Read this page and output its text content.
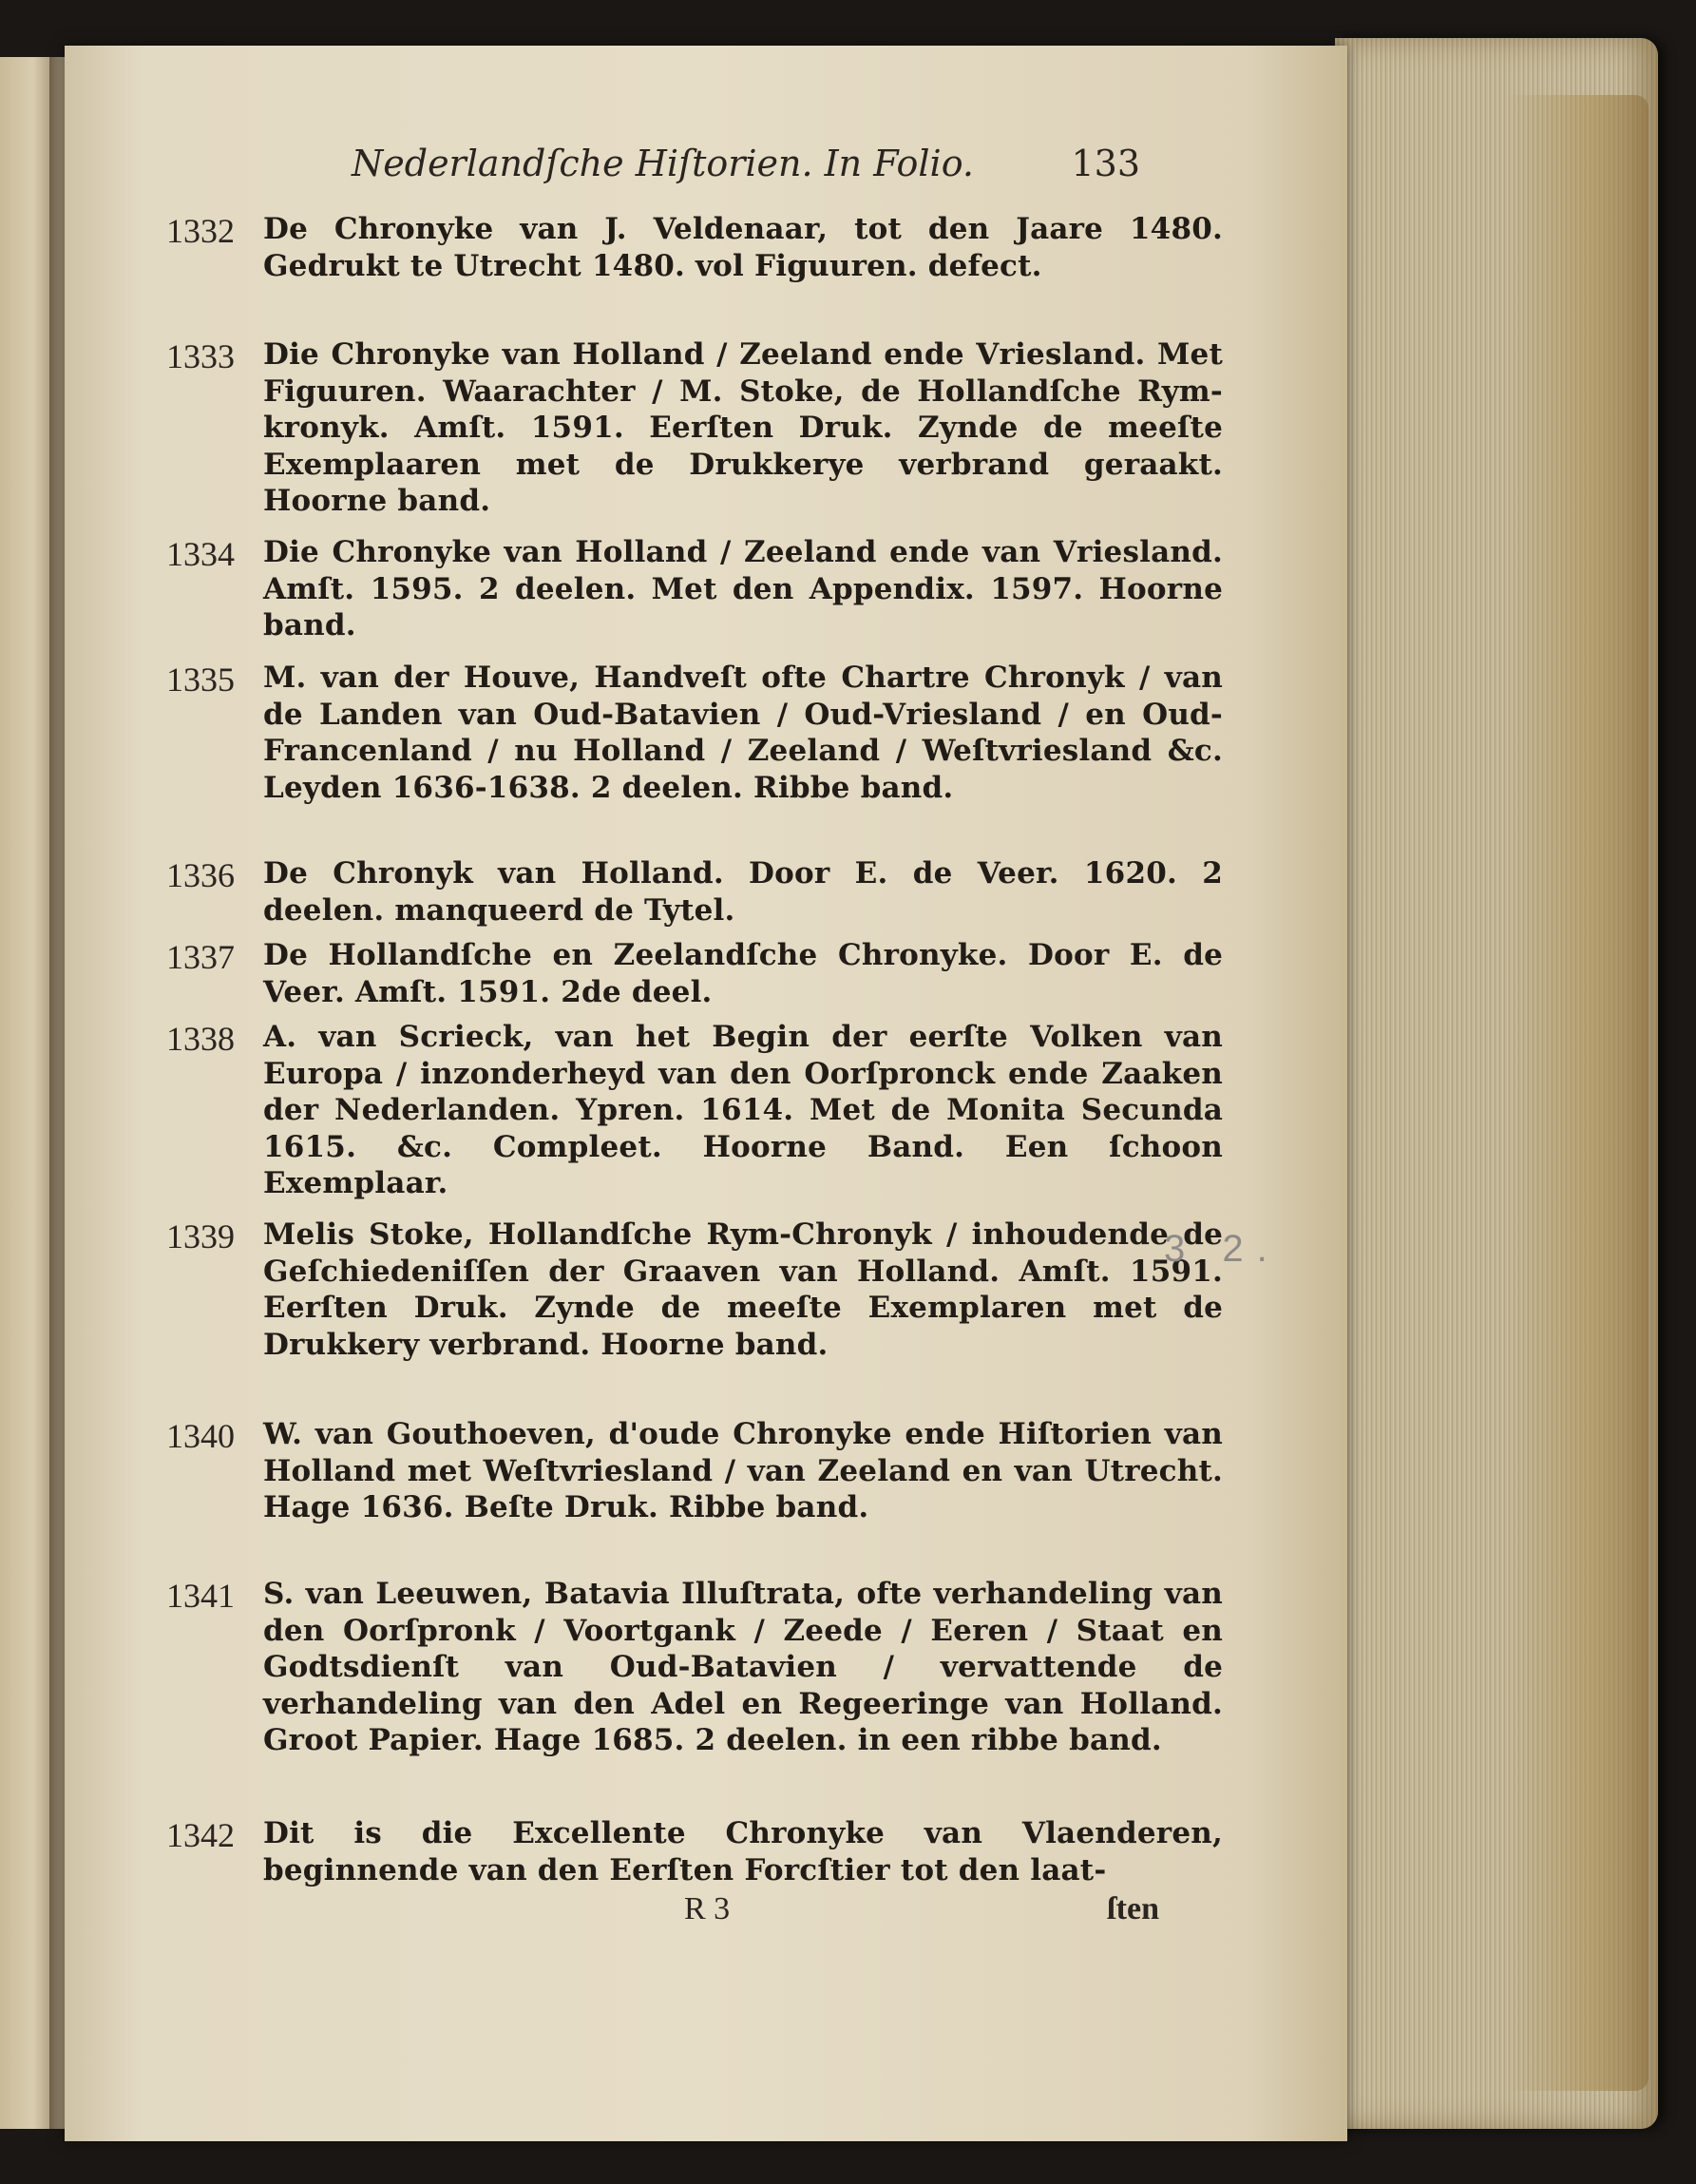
Nederlandſche Hiſtorien. In Folio.	133
1332 De Chronyke van J. Veldenaar, tot den Jaare 1480. Gedrukt te Utrecht 1480. vol Figuuren. defect.
1333 Die Chronyke van Holland / Zeeland ende Vriesland. Met Figuuren. Waarachter / M. Stoke, de Hollandſche Rym-kronyk. Amſt. 1591. Eerſten Druk. Zynde de meeſte Exemplaaren met de Drukkerye verbrand geraakt. Hoorne band.
1334 Die Chronyke van Holland / Zeeland ende van Vriesland. Amſt. 1595. 2 deelen. Met den Appendix. 1597. Hoorne band.
1335 M. van der Houve, Handveſt ofte Chartre Chronyk / van de Landen van Oud-Batavien / Oud-Vriesland / en Oud-Francenland / nu Holland / Zeeland / Weſtvriesland &c. Leyden 1636-1638. 2 deelen. Ribbe band.
1336 De Chronyk van Holland. Door E. de Veer. 1620. 2 deelen. manqueerd de Tytel.
1337 De Hollandſche en Zeelandſche Chronyke. Door E. de Veer. Amſt. 1591. 2de deel.
1338 A. van Scrieck, van het Begin der eerſte Volken van Europa / inzonderheyd van den Oorſpronck ende Zaaken der Nederlanden. Ypren. 1614. Met de Monita Secunda 1615. &c. Compleet. Hoorne Band. Een ſchoon Exemplaar.
1339 Melis Stoke, Hollandſche Rym-Chronyk / inhoudende de Geſchiedeniſſen der Graaven van Holland. Amſt. 1591. Eerſten Druk. Zynde de meeſte Exemplaren met de Drukkery verbrand. Hoorne band.
1340 W. van Gouthoeven, d'oude Chronyke ende Hiſtorien van Holland met Weſtvriesland / van Zeeland en van Utrecht. Hage 1636. Beſte Druk. Ribbe band.
1341 S. van Leeuwen, Batavia Illuſtrata, ofte verhandeling van den Oorſpronk / Voortgank / Zeede / Eeren / Staat en Godtsdienſt van Oud-Batavien / vervattende de verhandeling van den Adel en Regeeringe van Holland. Groot Papier. Hage 1685. 2 deelen. in een ribbe band.
1342 Dit is die Excellente Chronyke van Vlaenderen, beginnende van den Eerſten Forcſtier tot den laat-
R 3	ſten
3 2.
